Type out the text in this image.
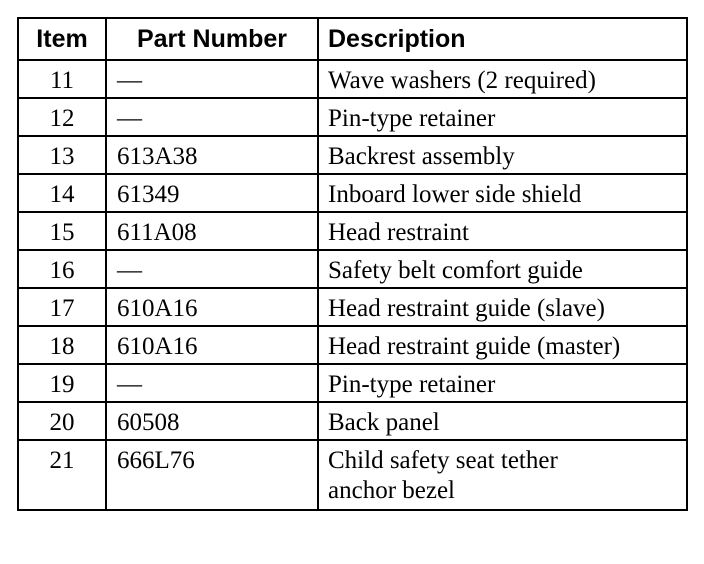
Item	Part Number	Description
11	—	Wave washers (2 required)
12	—	Pin-type retainer
13	613A38	Backrest assembly
14	61349	Inboard lower side shield
15	611A08	Head restraint
16	—	Safety belt comfort guide
17	610A16	Head restraint guide (slave)
18	610A16	Head restraint guide (master)
19	—	Pin-type retainer
20	60508	Back panel
21	666L76	Child safety seat tether
anchor bezel
